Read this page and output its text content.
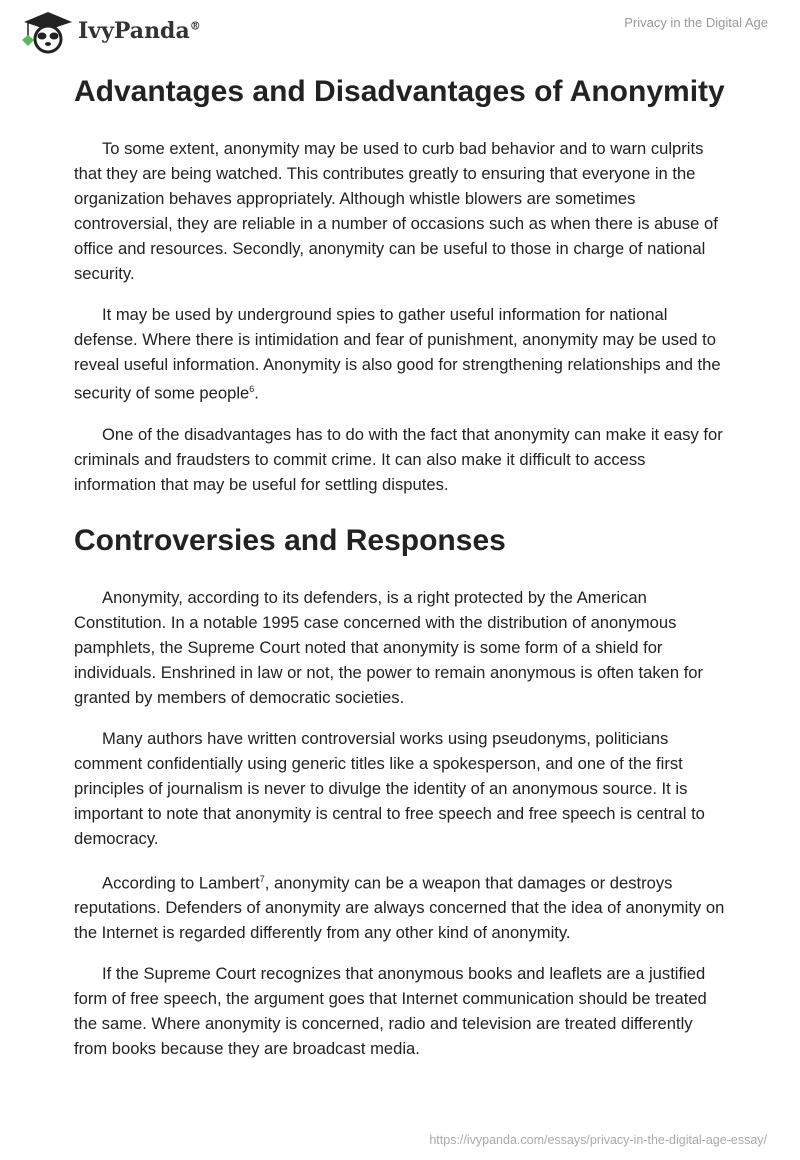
IvyPanda®	Privacy in the Digital Age
Advantages and Disadvantages of Anonymity

To some extent, anonymity may be used to curb bad behavior and to warn culprits that they are being watched. This contributes greatly to ensuring that everyone in the organization behaves appropriately. Although whistle blowers are sometimes controversial, they are reliable in a number of occasions such as when there is abuse of office and resources. Secondly, anonymity can be useful to those in charge of national security.

It may be used by underground spies to gather useful information for national defense. Where there is intimidation and fear of punishment, anonymity may be used to reveal useful information. Anonymity is also good for strengthening relationships and the security of some people$^6$.

One of the disadvantages has to do with the fact that anonymity can make it easy for criminals and fraudsters to commit crime. It can also make it difficult to access information that may be useful for settling disputes.

Controversies and Responses

Anonymity, according to its defenders, is a right protected by the American Constitution. In a notable 1995 case concerned with the distribution of anonymous pamphlets, the Supreme Court noted that anonymity is some form of a shield for individuals. Enshrined in law or not, the power to remain anonymous is often taken for granted by members of democratic societies.

Many authors have written controversial works using pseudonyms, politicians comment confidentially using generic titles like a spokesperson, and one of the first principles of journalism is never to divulge the identity of an anonymous source. It is important to note that anonymity is central to free speech and free speech is central to democracy.

According to Lambert$^7$, anonymity can be a weapon that damages or destroys reputations. Defenders of anonymity are always concerned that the idea of anonymity on the Internet is regarded differently from any other kind of anonymity.

If the Supreme Court recognizes that anonymous books and leaflets are a justified form of free speech, the argument goes that Internet communication should be treated the same. Where anonymity is concerned, radio and television are treated differently from books because they are broadcast media.

https://ivypanda.com/essays/privacy-in-the-digital-age-essay/
